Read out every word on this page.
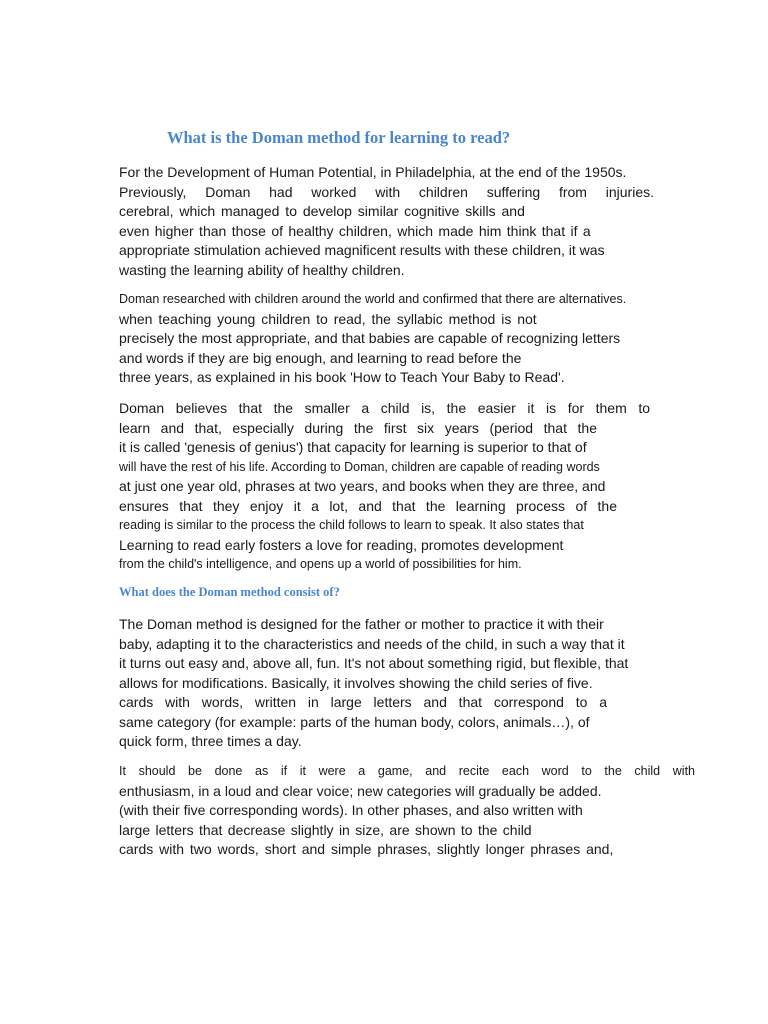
What is the Doman method for learning to read?
For the Development of Human Potential, in Philadelphia, at the end of the 1950s.
Previously, Doman had worked with children suffering from injuries.
cerebral, which managed to develop similar cognitive skills and
even higher than those of healthy children, which made him think that if a
appropriate stimulation achieved magnificent results with these children, it was
wasting the learning ability of healthy children.
Doman researched with children around the world and confirmed that there are alternatives.
when teaching young children to read, the syllabic method is not
precisely the most appropriate, and that babies are capable of recognizing letters
and words if they are big enough, and learning to read before the
three years, as explained in his book 'How to Teach Your Baby to Read'.
Doman believes that the smaller a child is, the easier it is for them to
learn and that, especially during the first six years (period that the
it is called 'genesis of genius') that capacity for learning is superior to that of
will have the rest of his life. According to Doman, children are capable of reading words
at just one year old, phrases at two years, and books when they are three, and
ensures that they enjoy it a lot, and that the learning process of the
reading is similar to the process the child follows to learn to speak. It also states that
Learning to read early fosters a love for reading, promotes development
from the child's intelligence, and opens up a world of possibilities for him.
What does the Doman method consist of?
The Doman method is designed for the father or mother to practice it with their
baby, adapting it to the characteristics and needs of the child, in such a way that it
it turns out easy and, above all, fun. It's not about something rigid, but flexible, that
allows for modifications. Basically, it involves showing the child series of five.
cards with words, written in large letters and that correspond to a
same category (for example: parts of the human body, colors, animals…), of
quick form, three times a day.
It should be done as if it were a game, and recite each word to the child with
enthusiasm, in a loud and clear voice; new categories will gradually be added.
(with their five corresponding words). In other phases, and also written with
large letters that decrease slightly in size, are shown to the child
cards with two words, short and simple phrases, slightly longer phrases and,
